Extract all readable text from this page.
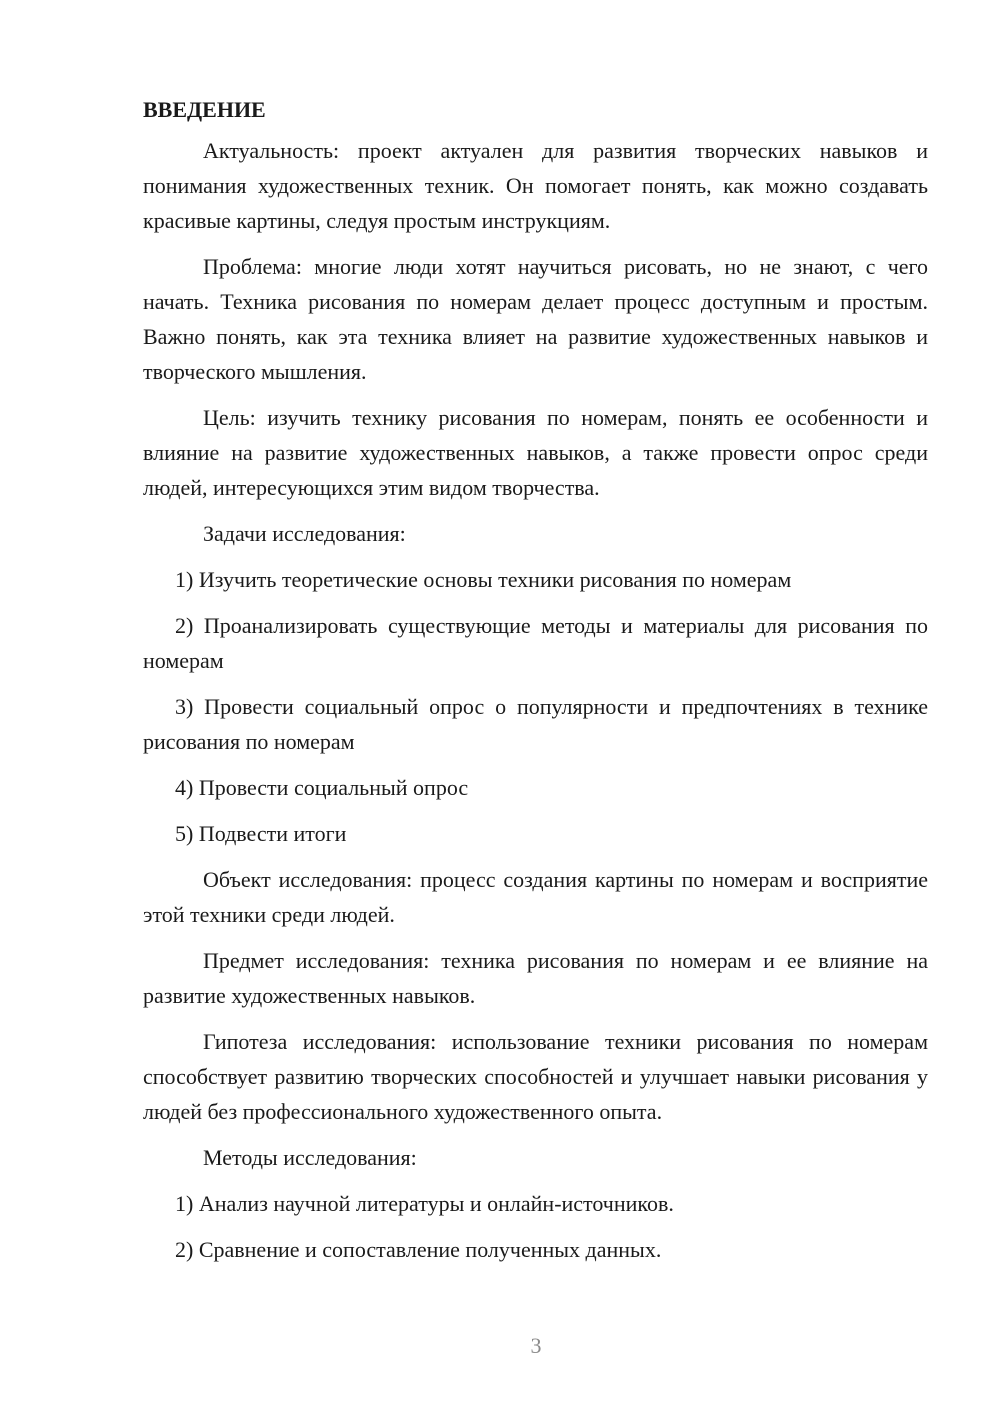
ВВЕДЕНИЕ

Актуальность: проект актуален для развития творческих навыков и понимания художественных техник. Он помогает понять, как можно создавать красивые картины, следуя простым инструкциям.

Проблема: многие люди хотят научиться рисовать, но не знают, с чего начать. Техника рисования по номерам делает процесс доступным и простым. Важно понять, как эта техника влияет на развитие художественных навыков и творческого мышления.

Цель: изучить технику рисования по номерам, понять ее особенности и влияние на развитие художественных навыков, а также провести опрос среди людей, интересующихся этим видом творчества.

Задачи исследования:

1) Изучить теоретические основы техники рисования по номерам

2) Проанализировать существующие методы и материалы для рисования по номерам

3) Провести социальный опрос о популярности и предпочтениях в технике рисования по номерам

4) Провести социальный опрос

5) Подвести итоги

Объект исследования: процесс создания картины по номерам и восприятие этой техники среди людей.

Предмет исследования: техника рисования по номерам и ее влияние на развитие художественных навыков.

Гипотеза исследования: использование техники рисования по номерам способствует развитию творческих способностей и улучшает навыки рисования у людей без профессионального художественного опыта.

Методы исследования:

1) Анализ научной литературы и онлайн-источников.

2) Сравнение и сопоставление полученных данных.

3
